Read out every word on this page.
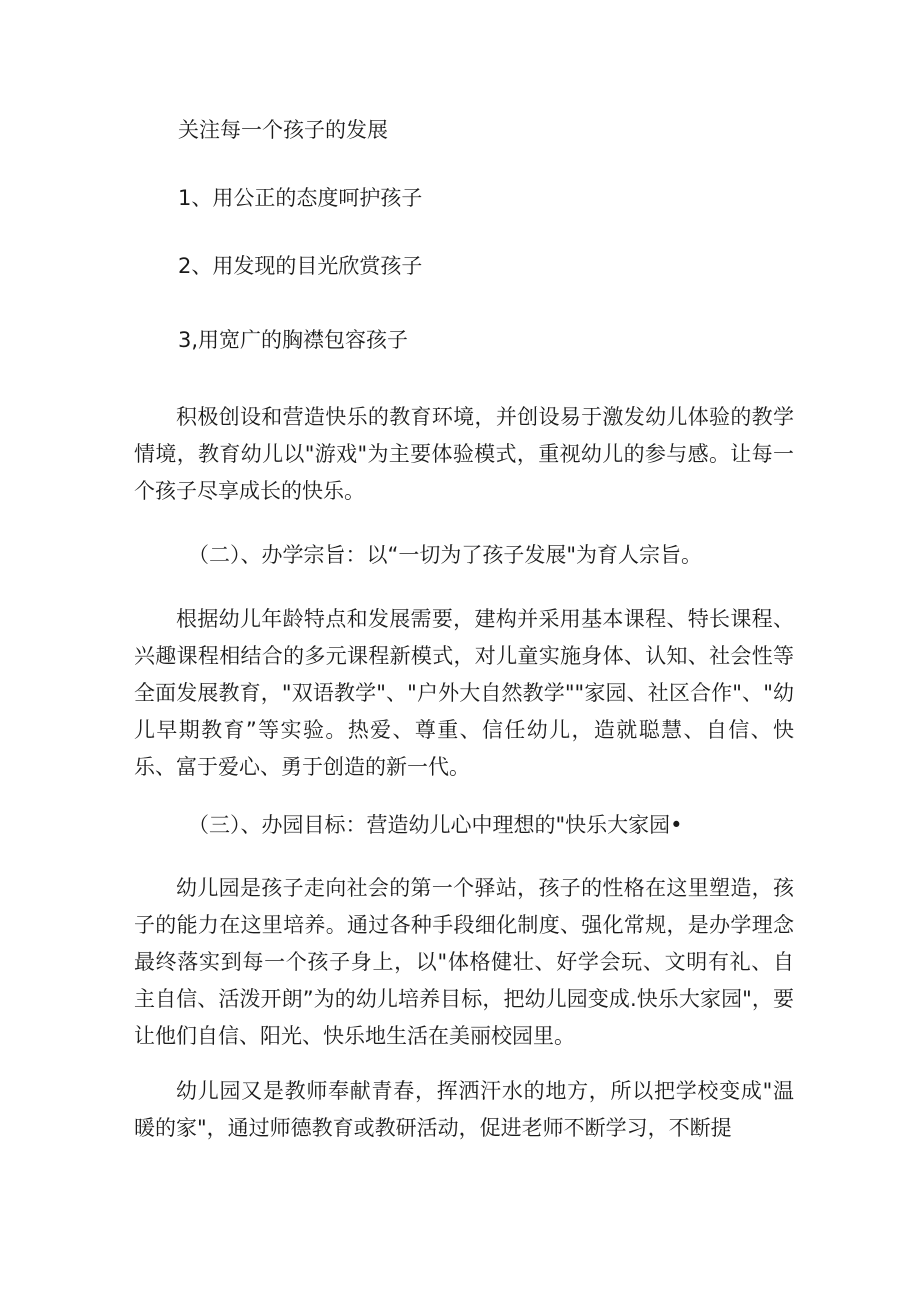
关注每一个孩子的发展

1、用公正的态度呵护孩子

2、用发现的目光欣赏孩子

3,用宽广的胸襟包容孩子

积极创设和营造快乐的教育环境，并创设易于激发幼儿体验的教学情境，教育幼儿以"游戏"为主要体验模式，重视幼儿的参与感。让每一个孩子尽享成长的快乐。

（二）、办学宗旨：以“一切为了孩子发展"为育人宗旨。

根据幼儿年龄特点和发展需要，建构并采用基本课程、特长课程、兴趣课程相结合的多元课程新模式，对儿童实施身体、认知、社会性等全面发展教育，"双语教学"、"户外大自然教学""家园、社区合作"、"幼儿早期教育”等实验。热爱、尊重、信任幼儿，造就聪慧、自信、快乐、富于爱心、勇于创造的新一代。

（三）、办园目标：营造幼儿心中理想的"快乐大家园•

幼儿园是孩子走向社会的第一个驿站，孩子的性格在这里塑造，孩子的能力在这里培养。通过各种手段细化制度、强化常规，是办学理念最终落实到每一个孩子身上，以"体格健壮、好学会玩、文明有礼、自主自信、活泼开朗”为的幼儿培养目标，把幼儿园变成.快乐大家园"，要让他们自信、阳光、快乐地生活在美丽校园里。

幼儿园又是教师奉献青春，挥洒汗水的地方，所以把学校变成"温暖的家"，通过师德教育或教研活动，促进老师不断学习，不断提
